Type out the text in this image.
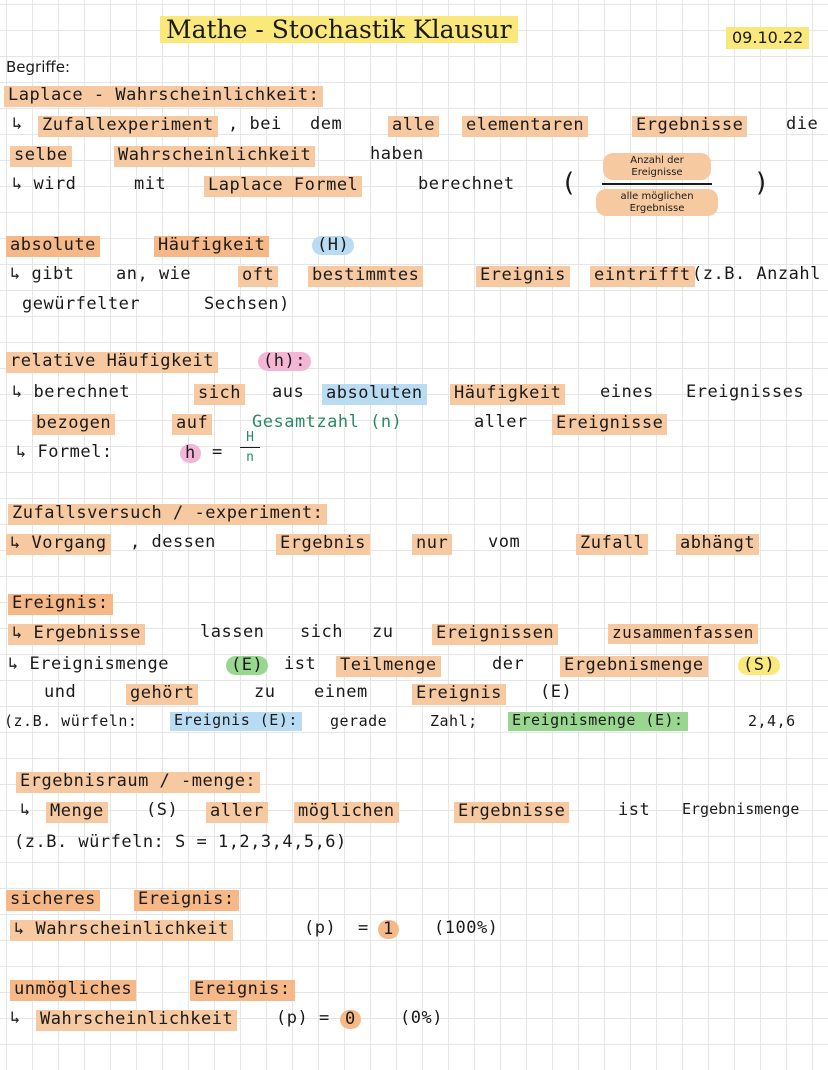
Mathe - Stochastik Klausur	09.10.22
Begriffe:
Laplace - Wahrscheinlichkeit:
↳ Zufallexperiment , bei dem	alle elementaren	Ergebnisse	die
selbe	Wahrscheinlichkeit	haben
↳ wird	mit Laplace Formel	berechnet (	)
Anzahl der Ereignisse
alle möglichen Ergebnisse
absolute	Häufigkeit	(H)
↳ gibt an, wie	oft bestimmtes	Ereignis eintrifft (z.B. Anzahl
gewürfelter	Sechsen)
relative Häufigkeit	(h):
↳ berechnet	sich aus absoluten Häufigkeit eines Ereignisses
bezogen	auf	Gesamtzahl (n)	aller Ereignisse
↳ Formel:	h =
H
n
Zufallsversuch / -experiment:
↳ Vorgang , dessen	Ergebnis	nur vom	Zufall abhängt
Ereignis:
↳ Ergebnisse	lassen sich zu	Ereignissen	zusammenfassen
↳ Ereignismenge	(E) ist Teilmenge	der Ergebnismenge (S)
und	gehört	zu einem	Ereignis (E)
(z.B. würfeln: Ereignis (E): gerade	Zahl; Ereignismenge (E):	2,4,6
Ergebnisraum / -menge:
↳ Menge (S) aller möglichen	Ergebnisse	ist Ergebnismenge
(z.B. würfeln: S = 1,2,3,4,5,6)
sicheres Ereignis:
↳ Wahrscheinlichkeit	(p) = 1 (100%)
unmögliches	Ereignis:
↳ Wahrscheinlichkeit	(p) = 0	(0%)
